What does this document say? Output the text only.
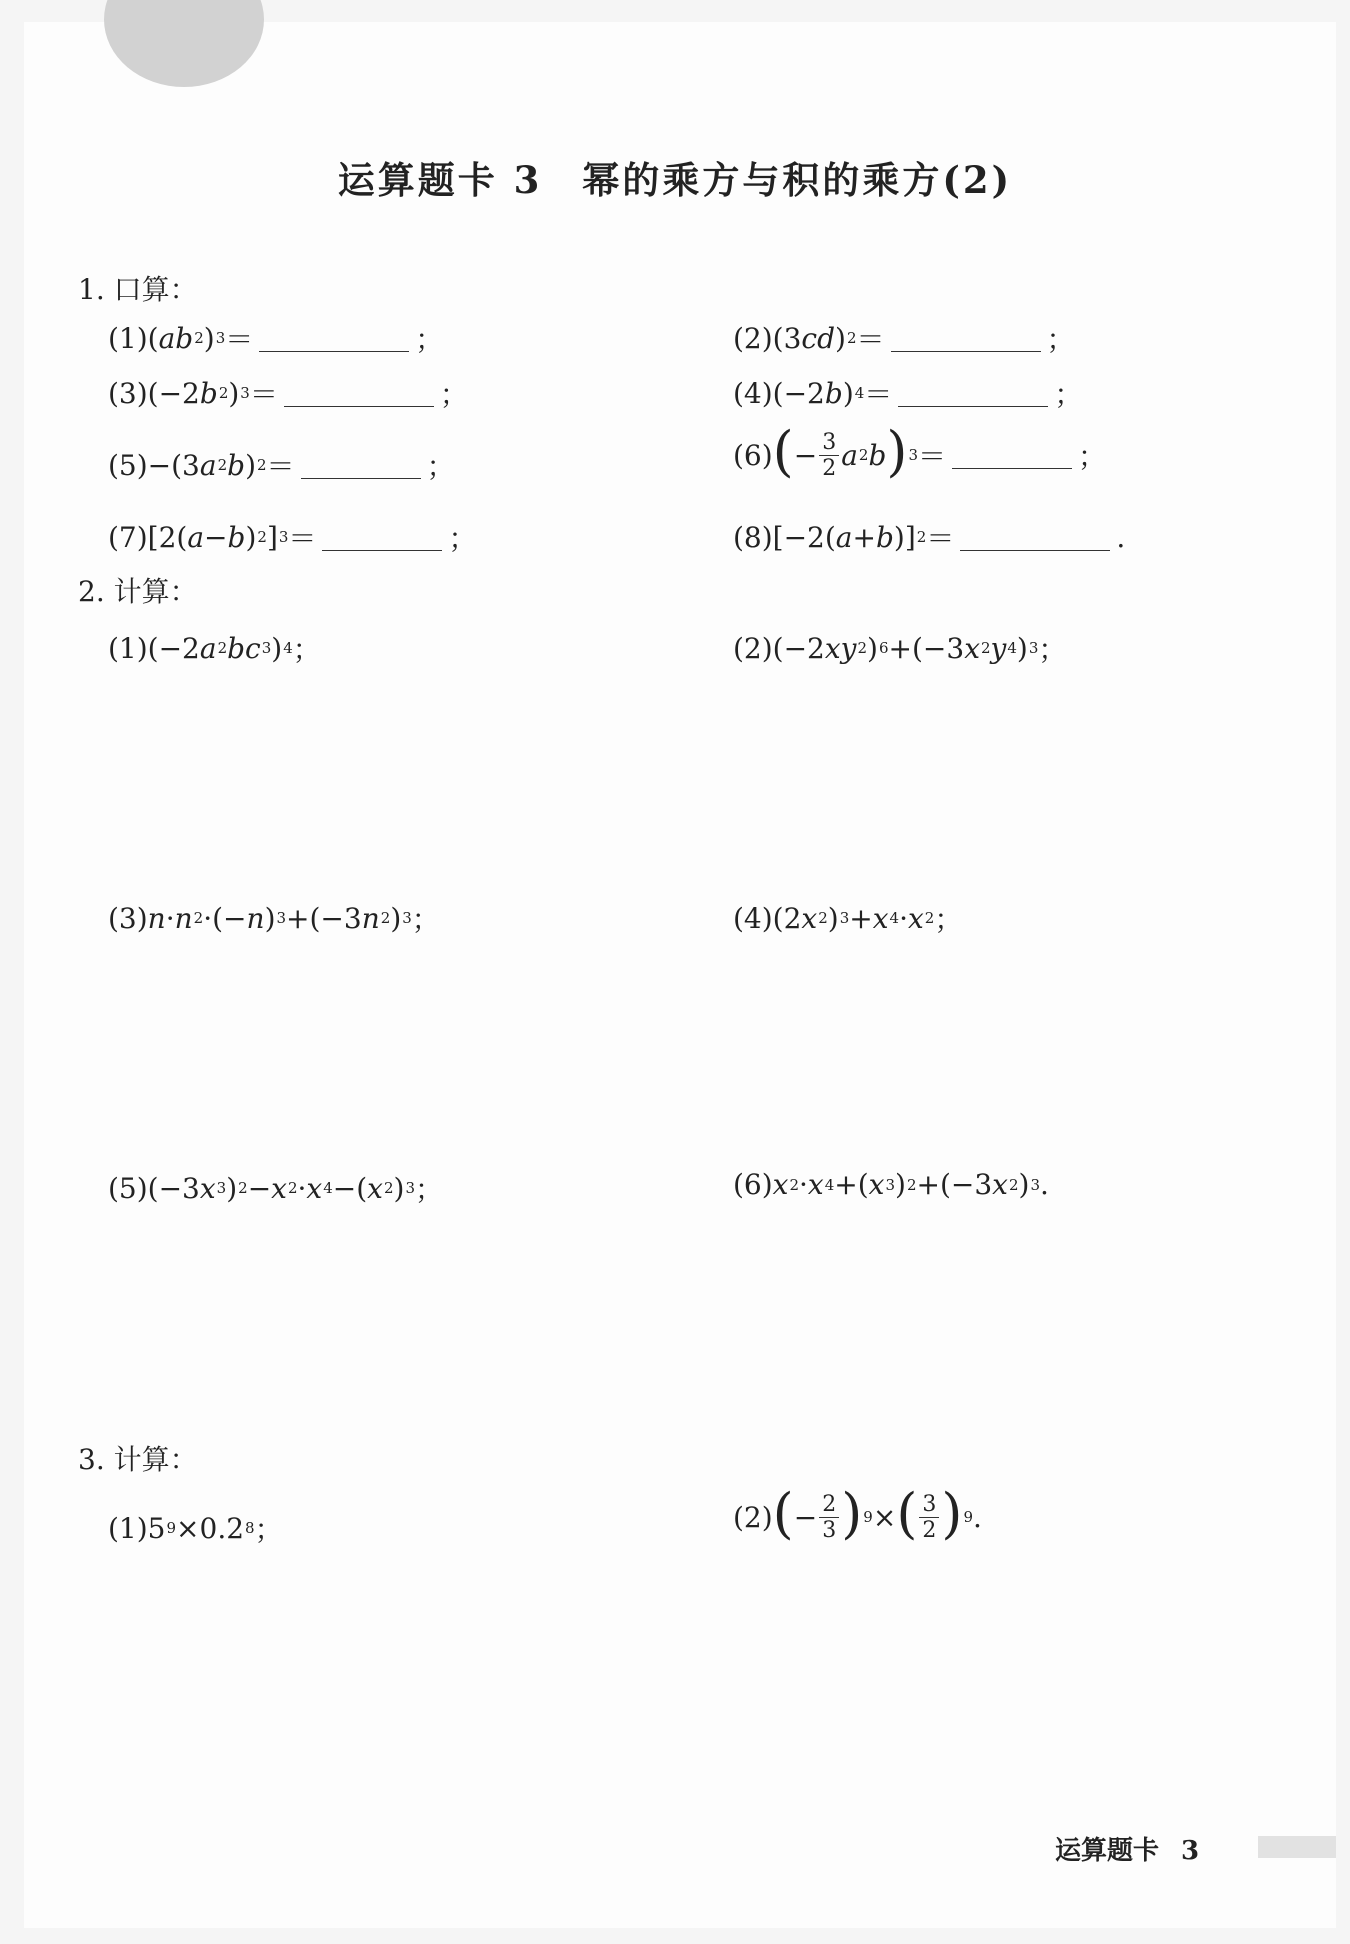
运算题卡 3　幂的乘方与积的乘方(2)
1. 口算：
(1) ( ab 2 ) 3 ＝	；	(2) (3 cd ) 2 ＝	；
(3) (−2 b 2 ) 3 ＝	；	(4) (−2 b ) 4 ＝	；
(5) −(3 a 2 b ) 2 ＝	；	(6) ( − $\frac{3}{2}$ a 2 b ) 3 ＝	；
(7) [2( a − b ) 2 ] 3 ＝	；	(8) [−2( a + b )] 2 ＝	.
2. 计算：
(1) (−2 a 2 bc 3 ) 4 ；	(2) (−2 xy 2 ) 6 +(−3 x 2 y 4 ) 3 ；
(3) n · n 2 ·(− n ) 3 +(−3 n 2 ) 3 ；	(4) (2 x 2 ) 3 + x 4 · x 2 ；
(5) (−3 x 3 ) 2 − x 2 · x 4 −( x 2 ) 3 ；	(6) x 2 · x 4 +( x 3 ) 2 +(−3 x 2 ) 3 .
3. 计算：
(1) 5 9 ×0.2 8 ；	(2) ( − $\frac{2}{3}$ ) 9 × ( $\frac{3}{2}$ ) 9 .
运算题卡 3
